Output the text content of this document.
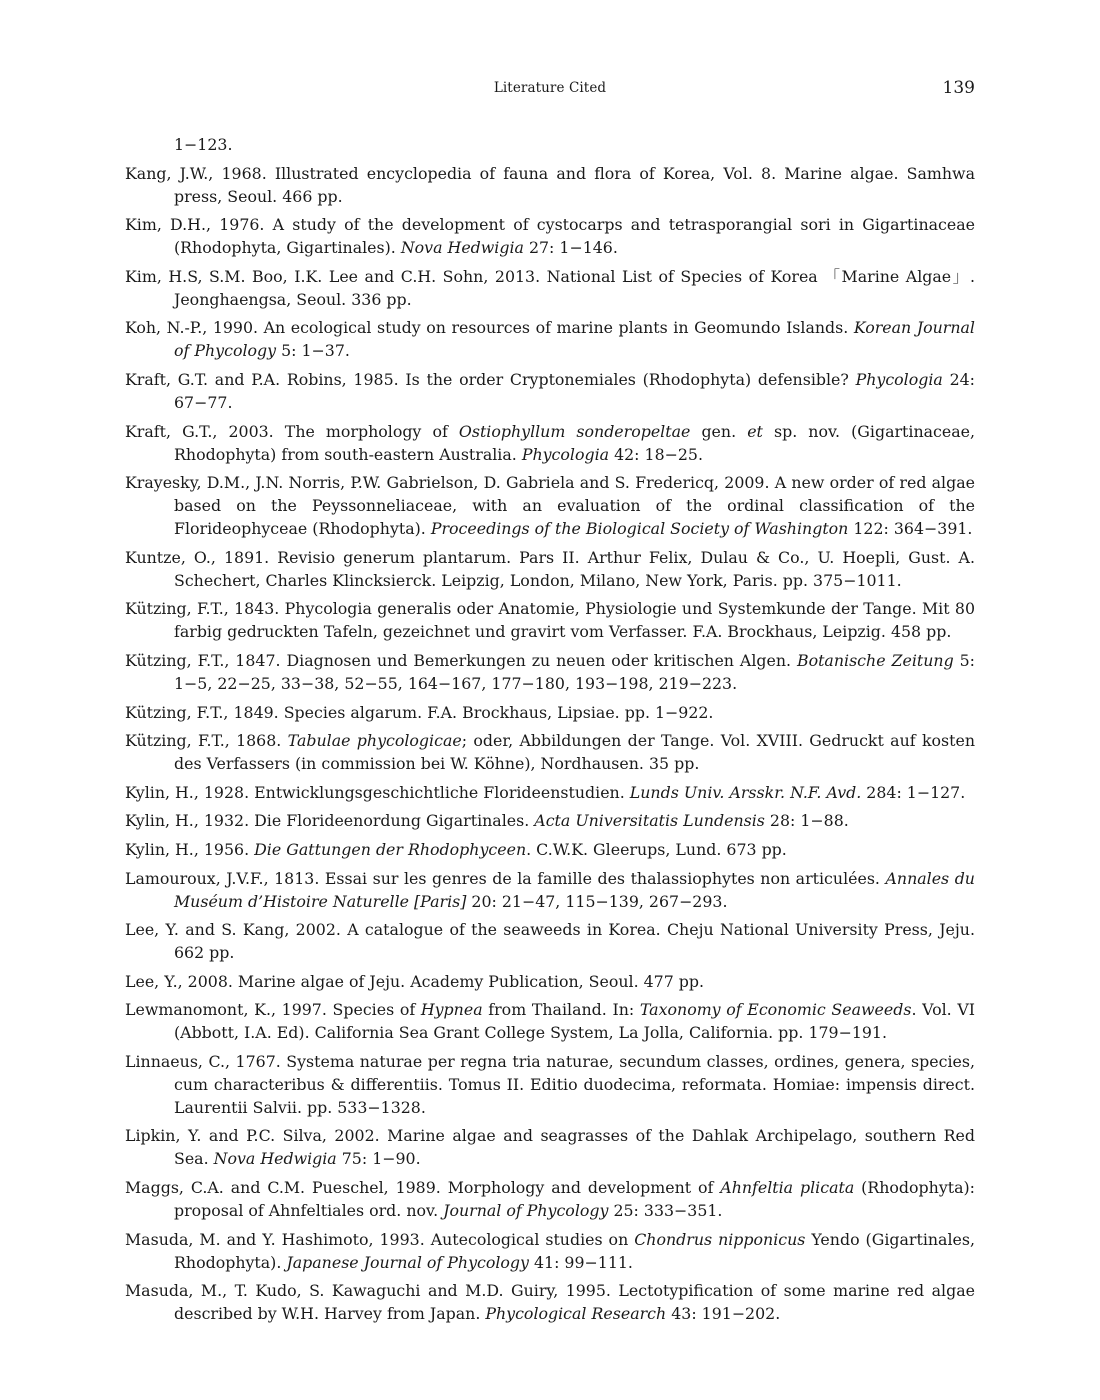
Literature Cited	139

1−123.

Kang, J.W., 1968. Illustrated encyclopedia of fauna and flora of Korea, Vol. 8. Marine algae. Samhwa press, Seoul. 466 pp.

Kim, D.H., 1976. A study of the development of cystocarps and tetrasporangial sori in Gigartinaceae (Rhodophyta, Gigartinales). Nova Hedwigia 27: 1−146.

Kim, H.S, S.M. Boo, I.K. Lee and C.H. Sohn, 2013. National List of Species of Korea 「Marine Algae」. Jeonghaengsa, Seoul. 336 pp.

Koh, N.-P., 1990. An ecological study on resources of marine plants in Geomundo Islands. Korean Journal of Phycology 5: 1−37.

Kraft, G.T. and P.A. Robins, 1985. Is the order Cryptonemiales (Rhodophyta) defensible? Phycologia 24: 67−77.

Kraft, G.T., 2003. The morphology of Ostiophyllum sonderopeltae gen. et sp. nov. (Gigartinaceae, Rhodophyta) from south-eastern Australia. Phycologia 42: 18−25.

Krayesky, D.M., J.N. Norris, P.W. Gabrielson, D. Gabriela and S. Fredericq, 2009. A new order of red algae based on the Peyssonneliaceae, with an evaluation of the ordinal classification of the Florideophyceae (Rhodophyta). Proceedings of the Biological Society of Washington 122: 364−391.

Kuntze, O., 1891. Revisio generum plantarum. Pars II. Arthur Felix, Dulau & Co., U. Hoepli, Gust. A. Schechert, Charles Klincksierck. Leipzig, London, Milano, New York, Paris. pp. 375−1011.

Kützing, F.T., 1843. Phycologia generalis oder Anatomie, Physiologie und Systemkunde der Tange. Mit 80 farbig gedruckten Tafeln, gezeichnet und gravirt vom Verfasser. F.A. Brockhaus, Leipzig. 458 pp.

Kützing, F.T., 1847. Diagnosen und Bemerkungen zu neuen oder kritischen Algen. Botanische Zeitung 5: 1−5, 22−25, 33−38, 52−55, 164−167, 177−180, 193−198, 219−223.

Kützing, F.T., 1849. Species algarum. F.A. Brockhaus, Lipsiae. pp. 1−922.

Kützing, F.T., 1868. Tabulae phycologicae; oder, Abbildungen der Tange. Vol. XVIII. Gedruckt auf kosten des Verfassers (in commission bei W. Köhne), Nordhausen. 35 pp.

Kylin, H., 1928. Entwicklungsgeschichtliche Florideenstudien. Lunds Univ. Arsskr. N.F. Avd. 284: 1−127.

Kylin, H., 1932. Die Florideenordung Gigartinales. Acta Universitatis Lundensis 28: 1−88.

Kylin, H., 1956. Die Gattungen der Rhodophyceen. C.W.K. Gleerups, Lund. 673 pp.

Lamouroux, J.V.F., 1813. Essai sur les genres de la famille des thalassiophytes non articulées. Annales du Muséum d’Histoire Naturelle [Paris] 20: 21−47, 115−139, 267−293.

Lee, Y. and S. Kang, 2002. A catalogue of the seaweeds in Korea. Cheju National University Press, Jeju. 662 pp.

Lee, Y., 2008. Marine algae of Jeju. Academy Publication, Seoul. 477 pp.

Lewmanomont, K., 1997. Species of Hypnea from Thailand. In: Taxonomy of Economic Seaweeds. Vol. VI (Abbott, I.A. Ed). California Sea Grant College System, La Jolla, California. pp. 179−191.

Linnaeus, C., 1767. Systema naturae per regna tria naturae, secundum classes, ordines, genera, species, cum characteribus & differentiis. Tomus II. Editio duodecima, reformata. Homiae: impensis direct. Laurentii Salvii. pp. 533−1328.

Lipkin, Y. and P.C. Silva, 2002. Marine algae and seagrasses of the Dahlak Archipelago, southern Red Sea. Nova Hedwigia 75: 1−90.

Maggs, C.A. and C.M. Pueschel, 1989. Morphology and development of Ahnfeltia plicata (Rhodophyta): proposal of Ahnfeltiales ord. nov. Journal of Phycology 25: 333−351.

Masuda, M. and Y. Hashimoto, 1993. Autecological studies on Chondrus nipponicus Yendo (Gigartinales, Rhodophyta). Japanese Journal of Phycology 41: 99−111.

Masuda, M., T. Kudo, S. Kawaguchi and M.D. Guiry, 1995. Lectotypification of some marine red algae described by W.H. Harvey from Japan. Phycological Research 43: 191−202.
